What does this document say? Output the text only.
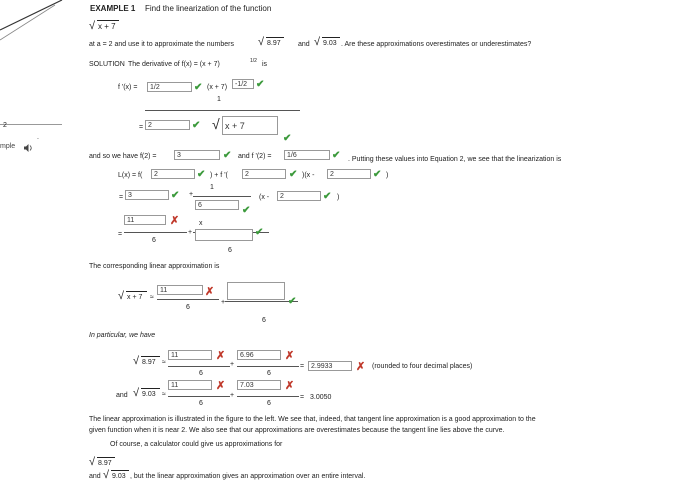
2
mple
.
EXAMPLE 1 Find the linearization of the function
√ x + 7
at a = 2 and use it to approximate the numbers √ 8.97 and √ 9.03 . Are these approximations overestimates or underestimates?
SOLUTION The derivative of f(x) = (x + 7)	1/2 is
f '(x) =	1/2	✔ (x + 7)	-1/2 ✔
1
= 2	✔ √ x + 7
✔
and so we have f(2) =	3	✔ and f '(2) =	1/6	✔ . Putting these values into Equation 2, we see that the linearization is
L(x) = f(	2	✔ ) + f '(	2	✔ )(x -	2	✔ )
= 3	✔ +
1
6	✔
(x -	2	✔ )
=
11	✗
6
+
x
✔
6
The corresponding linear approximation is
√ x + 7 ≈
11	✗
6
+	✔
6
In particular, we have
√ 8.97 ≈
11	✗
6
+
6.96	✗
6
= 2.9933	✗ (rounded to four decimal places)
and √ 9.03 ≈
11	✗
6
+
7.03	✗
6
= 3.0050
The linear approximation is illustrated in the figure to the left. We see that, indeed, that tangent line approximation is a good approximation to the
given function when it is near 2. We also see that our approximations are overestimates because the tangent line lies above the curve.
Of course, a calculator could give us approximations for
√ 8.97
and √ 9.03 , but the linear approximation gives an approximation over an entire interval.
